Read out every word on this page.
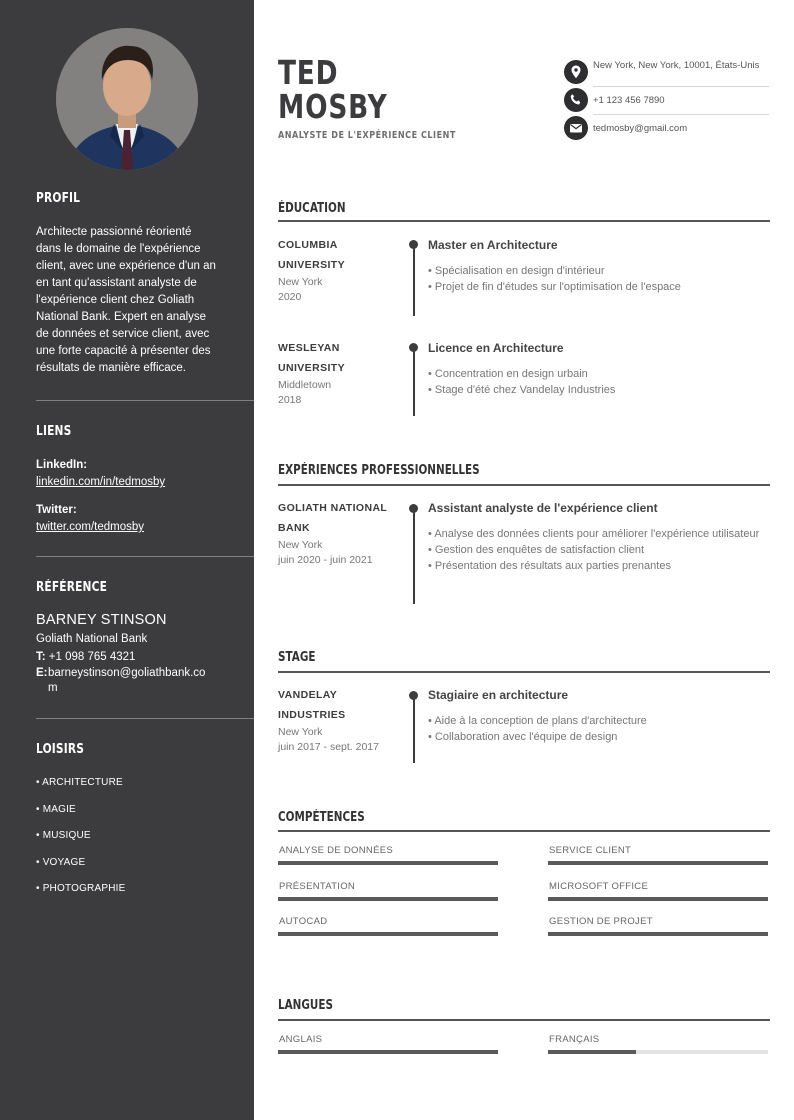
PROFIL
Architecte passionné réorienté dans le domaine de l'expérience client, avec une expérience d'un an en tant qu'assistant analyste de l'expérience client chez Goliath National Bank. Expert en analyse de données et service client, avec une forte capacité à présenter des résultats de manière efficace.
LIENS
LinkedIn:
linkedin.com/in/tedmosby
Twitter:
twitter.com/tedmosby
RÉFÉRENCE
BARNEY STINSON
Goliath National Bank
T: +1 098 765 4321
E: barneystinson@goliathbank.com
LOISIRS
• ARCHITECTURE
• MAGIE
• MUSIQUE
• VOYAGE
• PHOTOGRAPHIE
TED
MOSBY
ANALYSTE DE L'EXPÉRIENCE CLIENT
New York, New York, 10001, États-Unis
+1 123 456 7890
tedmosby@gmail.com
ÉDUCATION
COLUMBIA UNIVERSITY
New York
2020
Master en Architecture
• Spécialisation en design d'intérieur
• Projet de fin d'études sur l'optimisation de l'espace
WESLEYAN UNIVERSITY
Middletown
2018
Licence en Architecture
• Concentration en design urbain
• Stage d'été chez Vandelay Industries
EXPÉRIENCES PROFESSIONNELLES
GOLIATH NATIONAL BANK
New York
juin 2020 - juin 2021
Assistant analyste de l'expérience client
• Analyse des données clients pour améliorer l'expérience utilisateur
• Gestion des enquêtes de satisfaction client
• Présentation des résultats aux parties prenantes
STAGE
VANDELAY INDUSTRIES
New York
juin 2017 - sept. 2017
Stagiaire en architecture
• Aide à la conception de plans d'architecture
• Collaboration avec l'équipe de design
COMPÉTENCES
ANALYSE DE DONNÉES	SERVICE CLIENT
PRÉSENTATION	MICROSOFT OFFICE
AUTOCAD	GESTION DE PROJET
LANGUES
ANGLAIS	FRANÇAIS
